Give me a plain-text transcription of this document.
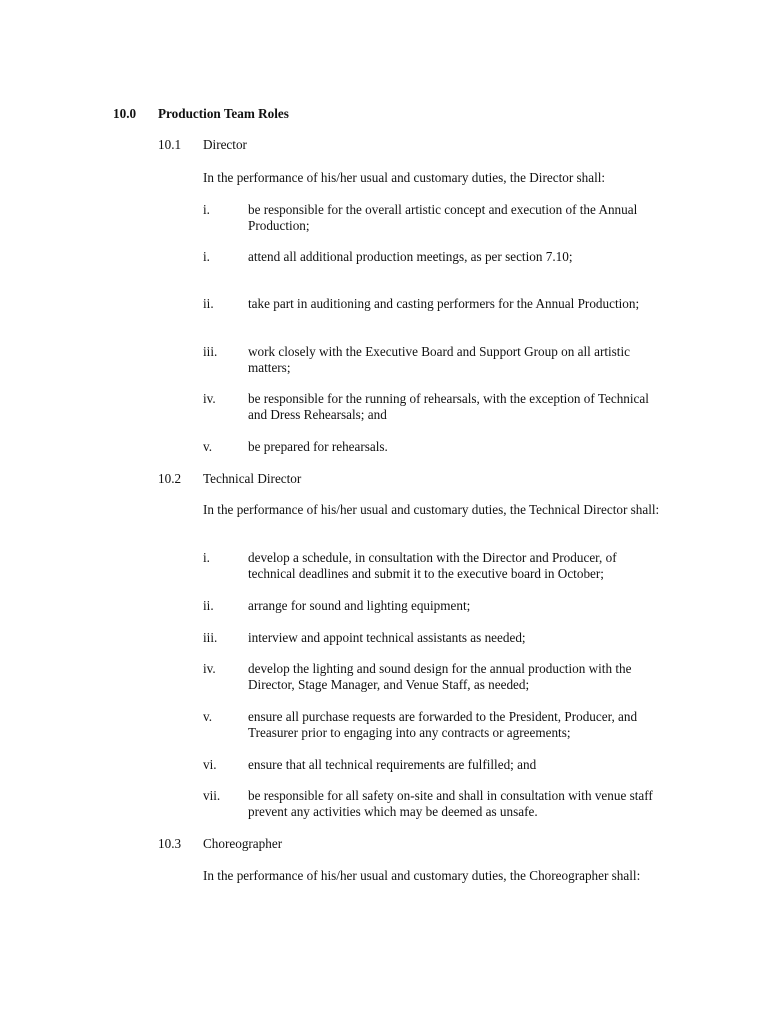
10.0 Production Team Roles
10.1 Director
In the performance of his/her usual and customary duties, the Director shall:
i.	be responsible for the overall artistic concept and execution of the Annual Production;
i.	attend all additional production meetings, as per section 7.10;
ii.	take part in auditioning and casting performers for the Annual Production;
iii. work closely with the Executive Board and Support Group on all artistic matters;
iv. be responsible for the running of rehearsals, with the exception of Technical and Dress Rehearsals; and
v.	be prepared for rehearsals.
10.2 Technical Director
In the performance of his/her usual and customary duties, the Technical Director shall:
i.	develop a schedule, in consultation with the Director and Producer, of technical deadlines and submit it to the executive board in October;
ii.	arrange for sound and lighting equipment;
iii. interview and appoint technical assistants as needed;
iv. develop the lighting and sound design for the annual production with the Director, Stage Manager, and Venue Staff, as needed;
v.	ensure all purchase requests are forwarded to the President, Producer, and Treasurer prior to engaging into any contracts or agreements;
vi. ensure that all technical requirements are fulfilled; and
vii. be responsible for all safety on-site and shall in consultation with venue staff prevent any activities which may be deemed as unsafe.
10.3 Choreographer
In the performance of his/her usual and customary duties, the Choreographer shall:
